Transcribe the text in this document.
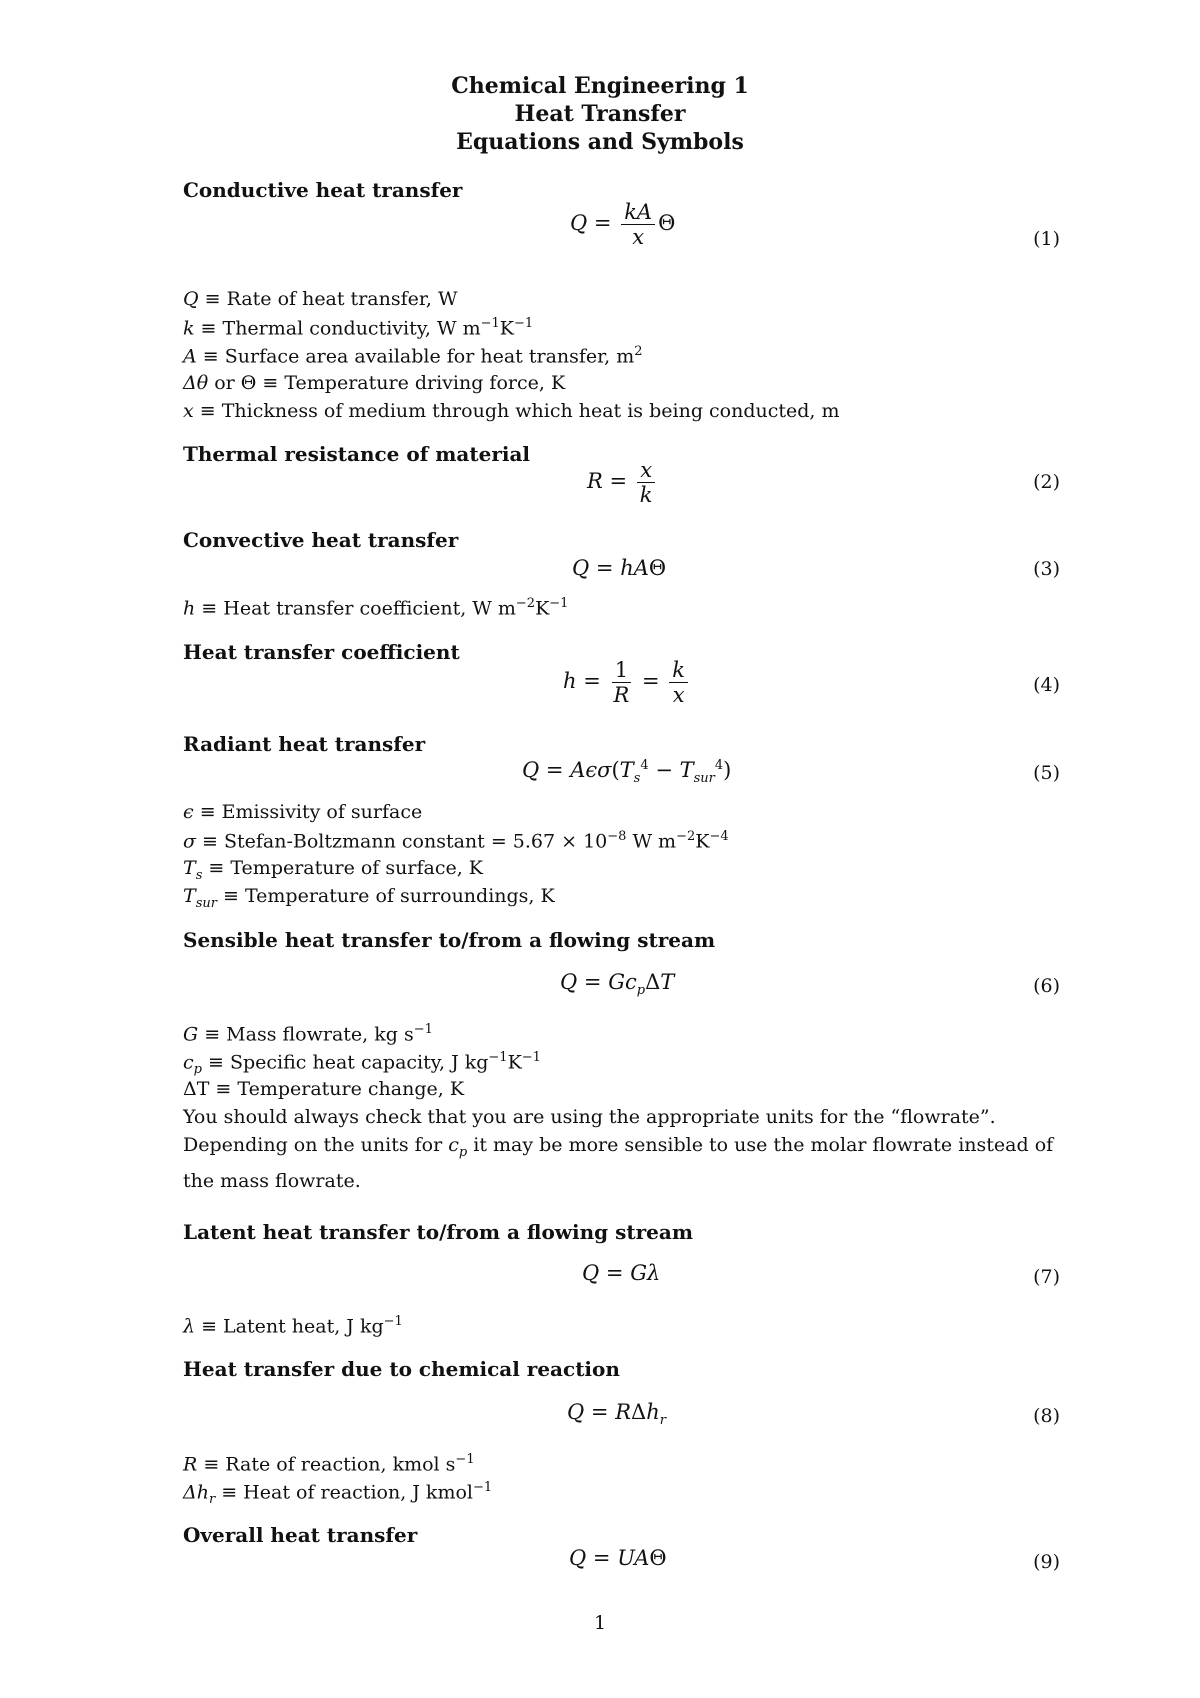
Chemical Engineering 1
Heat Transfer
Equations and Symbols
Conductive heat transfer
$Q = \frac{kA}{x}$ Θ
(1)
Q ≡ Rate of heat transfer, W
k ≡ Thermal conductivity, W $m^{-1}K^{-1}$
A ≡ Surface area available for heat transfer, $m^2$
Δθ or Θ ≡ Temperature driving force, K
x ≡ Thickness of medium through which heat is being conducted, m
Thermal resistance of material
$R = \frac{x}{k}$	(2)
Convective heat transfer
Q = hAΘ	(3)
h ≡ Heat transfer coefficient, W $m^{-2}K^{-1}$
Heat transfer coefficient
$h = \frac{1}{R} = \frac{k}{x}$	(4)
Radiant heat transfer
$Q = A\epsilon\sigma(T_s^4 - T_{sur}^4)$	(5)
ϵ ≡ Emissivity of surface
σ ≡ Stefan-Boltzmann constant = $5.67 \times 10^{-8}$ W $m^{-2}K^{-4}$
$T_s$ ≡ Temperature of surface, K
$T_{sur}$ ≡ Temperature of surroundings, K
Sensible heat transfer to/from a flowing stream
$Q = Gc_p\Delta T$	(6)
G ≡ Mass flowrate, kg $s^{-1}$
$c_p$ ≡ Specific heat capacity, J $kg^{-1}K^{-1}$
ΔT ≡ Temperature change, K
You should always check that you are using the appropriate units for the “flowrate”. Depending on the units for $c_p$ it may be more sensible to use the molar flowrate instead of the mass flowrate.
Latent heat transfer to/from a flowing stream
Q = Gλ	(7)
λ ≡ Latent heat, J $kg^{-1}$
Heat transfer due to chemical reaction
Q = RΔh$_r$	(8)
R ≡ Rate of reaction, kmol $s^{-1}$
$\Delta h_r$ ≡ Heat of reaction, J kmol$^{-1}$
Overall heat transfer
Q = UAΘ	(9)
1
